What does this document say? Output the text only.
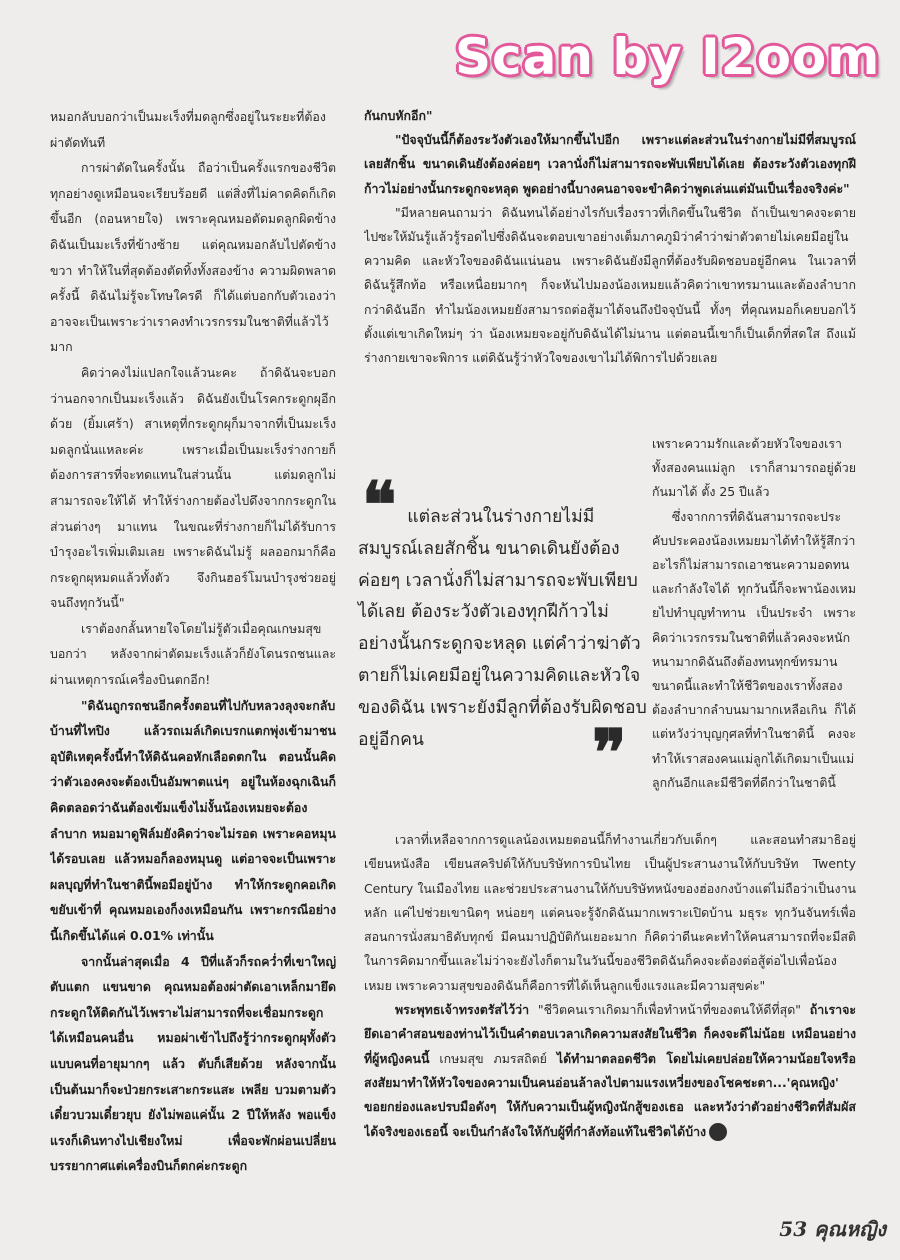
Scan by I2oom

หมอกลับบอกว่าเป็นมะเร็งที่มดลูกซึ่งอยู่ในระยะที่ต้องผ่าตัดทันที

การผ่าตัดในครั้งนั้น ถือว่าเป็นครั้งแรกของชีวิต ทุกอย่างดูเหมือนจะเรียบร้อยดี แต่สิ่งที่ไม่คาดคิดก็เกิดขึ้นอีก (ถอนหายใจ) เพราะคุณหมอตัดมดลูกผิดข้าง ดิฉันเป็นมะเร็งที่ข้างซ้าย แต่คุณหมอกลับไปตัดข้างขวา ทำให้ในที่สุดต้องตัดทิ้งทั้งสองข้าง ความผิดพลาดครั้งนี้ ดิฉันไม่รู้จะโทษใครดี ก็ได้แต่บอกกับตัวเองว่าอาจจะเป็นเพราะว่าเราคงทำเวรกรรมในชาติที่แล้วไว้มาก

คิดว่าคงไม่แปลกใจแล้วนะคะ ถ้าดิฉันจะบอกว่านอกจากเป็นมะเร็งแล้ว ดิฉันยังเป็นโรคกระดูกผุอีกด้วย (ยิ้มเศร้า) สาเหตุที่กระดูกผุก็มาจากที่เป็นมะเร็งมดลูกนั่นแหละค่ะ เพราะเมื่อเป็นมะเร็งร่างกายก็ต้องการสารที่จะทดแทนในส่วนนั้น แต่มดลูกไม่สามารถจะให้ได้ ทำให้ร่างกายต้องไปดึงจากกระดูกในส่วนต่างๆ มาแทน ในขณะที่ร่างกายก็ไม่ได้รับการบำรุงอะไรเพิ่มเติมเลย เพราะดิฉันไม่รู้ ผลออกมาก็คือกระดูกผุหมดแล้วทั้งตัว จึงกินฮอร์โมนบำรุงช่วยอยู่จนถึงทุกวันนี้"

เราต้องกลั้นหายใจโดยไม่รู้ตัวเมื่อคุณเกษมสุขบอกว่า หลังจากผ่าตัดมะเร็งแล้วก็ยังโดนรถชนและผ่านเหตุการณ์เครื่องบินตกอีก!

"ดิฉันถูกรถชนอีกครั้งตอนที่ไปกับหลวงลุงจะกลับบ้านที่ไทปิง แล้วรถเมล์เกิดเบรกแตกพุ่งเข้ามาชน อุบัติเหตุครั้งนี้ทำให้ดิฉันคอหักเลือดตกใน ตอนนั้นคิดว่าตัวเองคงจะต้องเป็นอัมพาตแน่ๆ อยู่ในห้องฉุกเฉินก็คิดตลอดว่าฉันต้องเข้มแข็งไม่งั้นน้องเหมยจะต้องลำบาก หมอมาดูฟิล์มยังคิดว่าจะไม่รอด เพราะคอหมุนได้รอบเลย แล้วหมอก็ลองหมุนดู แต่อาจจะเป็นเพราะผลบุญที่ทำในชาตินี้พอมีอยู่บ้าง ทำให้กระดูกคอเกิดขยับเข้าที่ คุณหมอเองก็งงเหมือนกัน เพราะกรณีอย่างนี้เกิดขึ้นได้แค่ 0.01% เท่านั้น

จากนั้นล่าสุดเมื่อ 4 ปีที่แล้วก็รถคว่ำที่เขาใหญ่ ตับแตก แขนขาด คุณหมอต้องผ่าตัดเอาเหล็กมายึดกระดูกให้ติดกันไว้เพราะไม่สามารถที่จะเชื่อมกระดูกได้เหมือนคนอื่น หมอผ่าเข้าไปถึงรู้ว่ากระดูกผุทั้งตัวแบบคนที่อายุมากๆ แล้ว ตับก็เสียด้วย หลังจากนั้นเป็นต้นมาก็จะป่วยกระเสาะกระแสะ เพลีย บวมตามตัว เดี๋ยวบวมเดี๋ยวยุบ ยังไม่พอแค่นั้น 2 ปีให้หลัง พอแข็งแรงก็เดินทางไปเชียงใหม่ เพื่อจะพักผ่อนเปลี่ยนบรรยากาศแต่เครื่องบินก็ตกค่ะกระดูก

กันกบหักอีก"

"ปัจจุบันนี้ก็ต้องระวังตัวเองให้มากขึ้นไปอีก เพราะแต่ละส่วนในร่างกายไม่มีที่สมบูรณ์เลยสักชิ้น ขนาดเดินยังต้องค่อยๆ เวลานั่งก็ไม่สามารถจะพับเพียบได้เลย ต้องระวังตัวเองทุกฝีก้าวไม่อย่างนั้นกระดูกจะหลุด พูดอย่างนี้บางคนอาจจะขำคิดว่าพูดเล่นแต่มันเป็นเรื่องจริงค่ะ"

"มีหลายคนถามว่า ดิฉันทนได้อย่างไรกับเรื่องราวที่เกิดขึ้นในชีวิต ถ้าเป็นเขาคงจะตายไปซะให้มันรู้แล้วรู้รอดไปซึ่งดิฉันจะตอบเขาอย่างเต็มภาคภูมิว่าคำว่าฆ่าตัวตายไม่เคยมีอยู่ในความคิด และหัวใจของดิฉันแน่นอน เพราะดิฉันยังมีลูกที่ต้องรับผิดชอบอยู่อีกคน ในเวลาที่ดิฉันรู้สึกท้อ หรือเหนื่อยมากๆ ก็จะหันไปมองน้องเหมยแล้วคิดว่าเขาทรมานและต้องลำบากกว่าดิฉันอีก ทำไมน้องเหมยยังสามารถต่อสู้มาได้จนถึงปัจจุบันนี้ ทั้งๆ ที่คุณหมอก็เคยบอกไว้ตั้งแต่เขาเกิดใหม่ๆ ว่า น้องเหมยจะอยู่กับดิฉันได้ไม่นาน แต่ตอนนี้เขาก็เป็นเด็กที่สดใส ถึงแม้ร่างกายเขาจะพิการ แต่ดิฉันรู้ว่าหัวใจของเขาไม่ได้พิการไปด้วยเลย

❝ แต่ละส่วนในร่างกายไม่มีสมบูรณ์เลยสักชิ้น ขนาดเดินยังต้องค่อยๆ เวลานั่งก็ไม่สามารถจะพับเพียบได้เลย ต้องระวังตัวเองทุกฝีก้าวไม่อย่างนั้นกระดูกจะหลุด แต่คำว่าฆ่าตัวตายก็ไม่เคยมีอยู่ในความคิดและหัวใจของดิฉัน เพราะยังมีลูกที่ต้องรับผิดชอบอยู่อีกคน	❞

เพราะความรักและด้วยหัวใจของเราทั้งสองคนแม่ลูก เราก็สามารถอยู่ด้วยกันมาได้ ตั้ง 25 ปีแล้ว

ซึ่งจากการที่ดิฉันสามารถจะประคับประคองน้องเหมยมาได้ทำให้รู้สึกว่าอะไรก็ไม่สามารถเอาชนะความอดทน และกำลังใจได้ ทุกวันนี้ก็จะพาน้องเหมยไปทำบุญทำทาน เป็นประจำ เพราะคิดว่าเวรกรรมในชาติที่แล้วคงจะหนักหนามากดิฉันถึงต้องทนทุกข์ทรมานขนาดนี้และทำให้ชีวิตของเราทั้งสองต้องลำบากลำบนมามากเหลือเกิน ก็ได้แต่หวังว่าบุญกุศลที่ทำในชาตินี้ คงจะทำให้เราสองคนแม่ลูกได้เกิดมาเป็นแม่ลูกกันอีกและมีชีวิตที่ดีกว่าในชาตินี้

เวลาที่เหลือจากการดูแลน้องเหมยตอนนี้ก็ทำงานเกี่ยวกับเด็กๆ และสอนทำสมาธิอยู่ เขียนหนังสือ เขียนสคริปต์ให้กับบริษัทการบินไทย เป็นผู้ประสานงานให้กับบริษัท Twenty Century ในเมืองไทย และช่วยประสานงานให้กับบริษัทหนังของฮ่องกงบ้างแต่ไม่ถือว่าเป็นงานหลัก แค่ไปช่วยเขานิดๆ หน่อยๆ แต่คนจะรู้จักดิฉันมากเพราะเปิดบ้าน มธุระ ทุกวันจันทร์เพื่อสอนการนั่งสมาธิดับทุกข์ มีคนมาปฏิบัติกันเยอะมาก ก็คิดว่าดีนะคะทำให้คนสามารถที่จะมีสติในการคิดมากขึ้นและไม่ว่าจะยังไงก็ตามในวันนี้ของชีวิตดิฉันก็คงจะต้องต่อสู้ต่อไปเพื่อน้องเหมย เพราะความสุขของดิฉันก็คือการที่ได้เห็นลูกแข็งแรงและมีความสุขค่ะ"

พระพุทธเจ้าทรงตรัสไว้ว่า "ชีวิตคนเราเกิดมาก็เพื่อทำหน้าที่ของตนให้ดีที่สุด" ถ้าเราจะยึดเอาคำสอนของท่านไว้เป็นคำตอบเวลาเกิดความสงสัยในชีวิต ก็คงจะดีไม่น้อย เหมือนอย่างที่ผู้หญิงคนนี้ เกษมสุข ภมรสถิตย์ ได้ทำมาตลอดชีวิต โดยไม่เคยปล่อยให้ความน้อยใจหรือสงสัยมาทำให้หัวใจของความเป็นคนอ่อนล้าลงไปตามแรงเหวี่ยงของโชคชะตา...'คุณหญิง' ขอยกย่องและปรบมือดังๆ ให้กับความเป็นผู้หญิงนักสู้ของเธอ และหวังว่าตัวอย่างชีวิตที่สัมผัสได้จริงของเธอนี้ จะเป็นกำลังใจให้กับผู้ที่กำลังท้อแท้ในชีวิตได้บ้าง	ก

53 คุณหญิง
